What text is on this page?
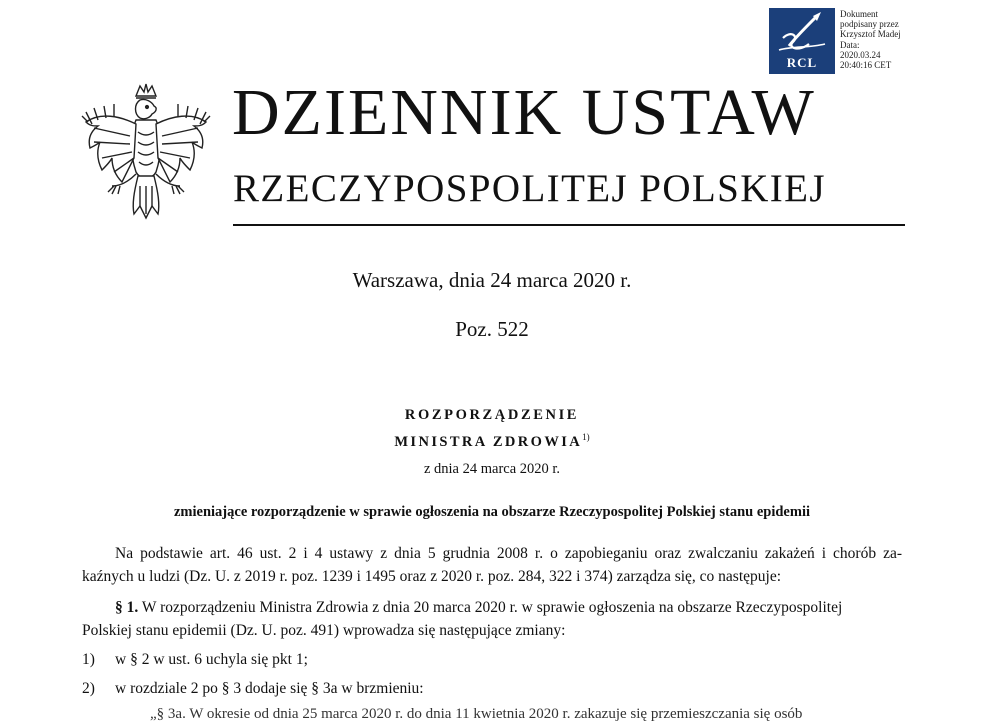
RCL
Dokument
podpisany przez
Krzysztof Madej
Data:
2020.03.24
20:40:16 CET
DZIENNIK USTAW
RZECZYPOSPOLITEJ POLSKIEJ
Warszawa, dnia 24 marca 2020 r.
Poz. 522
ROZPORZĄDZENIE
MINISTRA ZDROWIA$^{1)}$
z dnia 24 marca 2020 r.
zmieniające rozporządzenie w sprawie ogłoszenia na obszarze Rzeczypospolitej Polskiej stanu epidemii
Na podstawie art. 46 ust. 2 i 4 ustawy z dnia 5 grudnia 2008 r. o zapobieganiu oraz zwalczaniu zakażeń i chorób za-
kaźnych u ludzi (Dz. U. z 2019 r. poz. 1239 i 1495 oraz z 2020 r. poz. 284, 322 i 374) zarządza się, co następuje:
§ 1. W rozporządzeniu Ministra Zdrowia z dnia 20 marca 2020 r. w sprawie ogłoszenia na obszarze Rzeczypospolitej
Polskiej stanu epidemii (Dz. U. poz. 491) wprowadza się następujące zmiany:
1) w § 2 w ust. 6 uchyla się pkt 1;
2) w rozdziale 2 po § 3 dodaje się § 3a w brzmieniu:
„§ 3a. W okresie od dnia 25 marca 2020 r. do dnia 11 kwietnia 2020 r. zakazuje się przemieszczania się osób
